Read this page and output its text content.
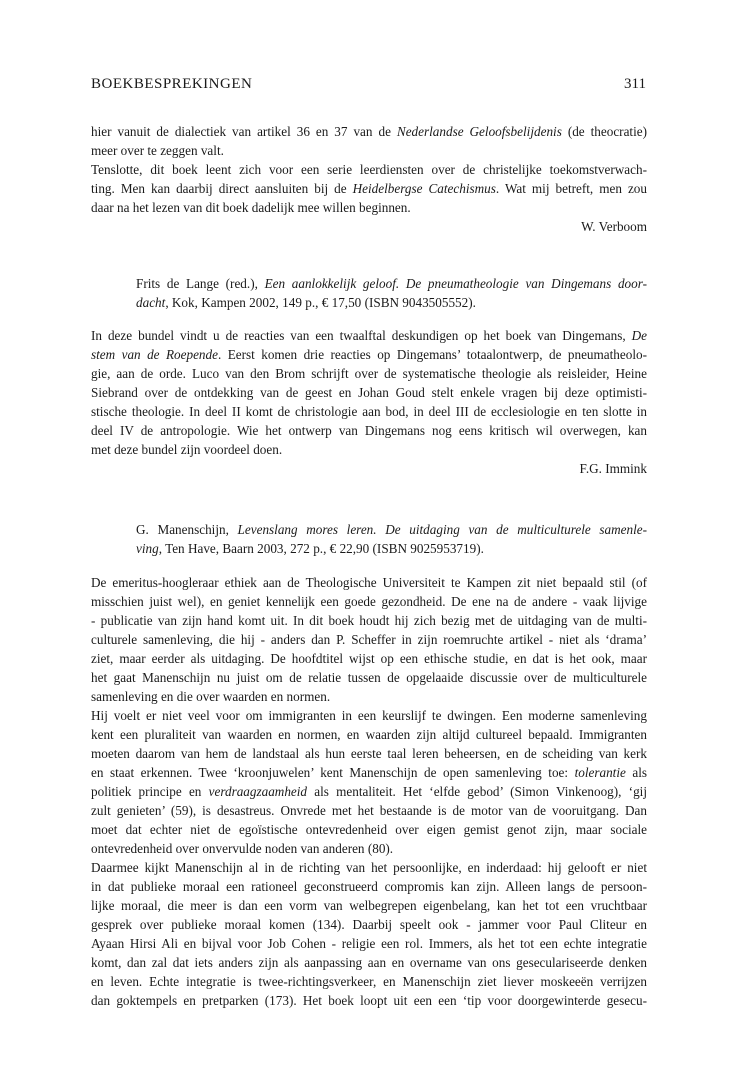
BOEKBESPREKINGEN	311
hier vanuit de dialectiek van artikel 36 en 37 van de Nederlandse Geloofsbelijdenis (de theocratie)
meer over te zeggen valt.
Tenslotte, dit boek leent zich voor een serie leerdiensten over de christelijke toekomstverwach-
ting. Men kan daarbij direct aansluiten bij de Heidelbergse Catechismus. Wat mij betreft, men zou
daar na het lezen van dit boek dadelijk mee willen beginnen.
W. Verboom
Frits de Lange (red.), Een aanlokkelijk geloof. De pneumatheologie van Dingemans door-
dacht, Kok, Kampen 2002, 149 p., € 17,50 (ISBN 9043505552).
In deze bundel vindt u de reacties van een twaalftal deskundigen op het boek van Dingemans, De
stem van de Roepende. Eerst komen drie reacties op Dingemans’ totaalontwerp, de pneumatheolo-
gie, aan de orde. Luco van den Brom schrijft over de systematische theologie als reisleider, Heine
Siebrand over de ontdekking van de geest en Johan Goud stelt enkele vragen bij deze optimisti-
stische theologie. In deel II komt de christologie aan bod, in deel III de ecclesiologie en ten slotte in
deel IV de antropologie. Wie het ontwerp van Dingemans nog eens kritisch wil overwegen, kan
met deze bundel zijn voordeel doen.
F.G. Immink
G. Manenschijn, Levenslang mores leren. De uitdaging van de multiculturele samenle-
ving, Ten Have, Baarn 2003, 272 p., € 22,90 (ISBN 9025953719).
De emeritus-hoogleraar ethiek aan de Theologische Universiteit te Kampen zit niet bepaald stil (of
misschien juist wel), en geniet kennelijk een goede gezondheid. De ene na de andere - vaak lijvige
- publicatie van zijn hand komt uit. In dit boek houdt hij zich bezig met de uitdaging van de multi-
culturele samenleving, die hij - anders dan P. Scheffer in zijn roemruchte artikel - niet als ‘drama’
ziet, maar eerder als uitdaging. De hoofdtitel wijst op een ethische studie, en dat is het ook, maar
het gaat Manenschijn nu juist om de relatie tussen de opgelaaide discussie over de multiculturele
samenleving en die over waarden en normen.
Hij voelt er niet veel voor om immigranten in een keurslijf te dwingen. Een moderne samenleving
kent een pluraliteit van waarden en normen, en waarden zijn altijd cultureel bepaald. Immigranten
moeten daarom van hem de landstaal als hun eerste taal leren beheersen, en de scheiding van kerk
en staat erkennen. Twee ‘kroonjuwelen’ kent Manenschijn de open samenleving toe: tolerantie als
politiek principe en verdraagzaamheid als mentaliteit. Het ‘elfde gebod’ (Simon Vinkenoog), ‘gij
zult genieten’ (59), is desastreus. Onvrede met het bestaande is de motor van de vooruitgang. Dan
moet dat echter niet de egoïstische ontevredenheid over eigen gemist genot zijn, maar sociale
ontevredenheid over onvervulde noden van anderen (80).
Daarmee kijkt Manenschijn al in de richting van het persoonlijke, en inderdaad: hij gelooft er niet
in dat publieke moraal een rationeel geconstrueerd compromis kan zijn. Alleen langs de persoon-
lijke moraal, die meer is dan een vorm van welbegrepen eigenbelang, kan het tot een vruchtbaar
gesprek over publieke moraal komen (134). Daarbij speelt ook - jammer voor Paul Cliteur en
Ayaan Hirsi Ali en bijval voor Job Cohen - religie een rol. Immers, als het tot een echte integratie
komt, dan zal dat iets anders zijn als aanpassing aan en overname van ons geseculariseerde denken
en leven. Echte integratie is twee-richtingsverkeer, en Manenschijn ziet liever moskeeën verrijzen
dan goktempels en pretparken (173). Het boek loopt uit een een ‘tip voor doorgewinterde gesecu-
